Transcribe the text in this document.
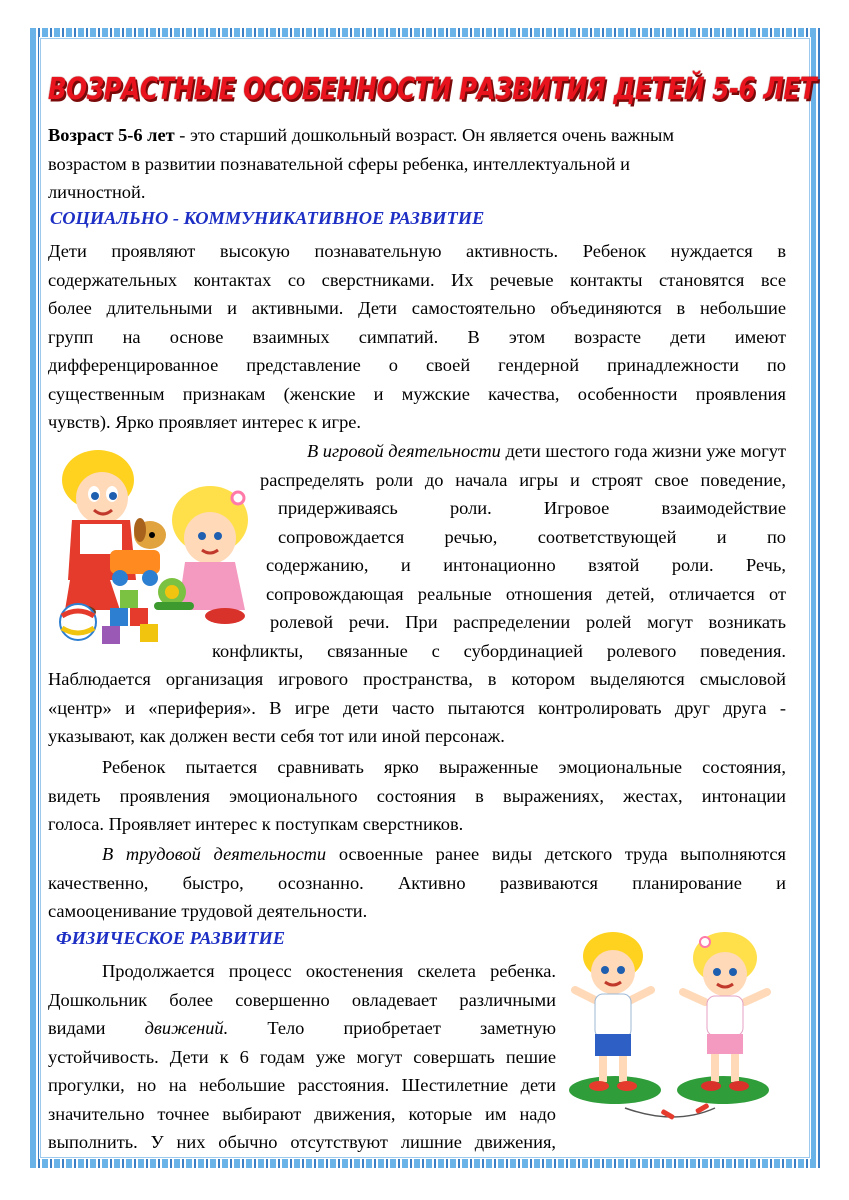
ВОЗРАСТНЫЕ ОСОБЕННОСТИ РАЗВИТИЯ ДЕТЕЙ 5-6 ЛЕТ
Возраст 5-6 лет - это старший дошкольный возраст. Он является очень важным
возрастом в развитии познавательной сферы ребенка, интеллектуальной и
личностной.
СОЦИАЛЬНО - КОММУНИКАТИВНОЕ РАЗВИТИЕ
Дети проявляют высокую познавательную активность. Ребенок нуждается в
содержательных контактах со сверстниками. Их речевые контакты становятся все
более длительными и активными. Дети самостоятельно объединяются в небольшие
групп на основе взаимных симпатий. В этом возрасте дети имеют
дифференцированное представление о своей гендерной принадлежности по
существенным признакам (женские и мужские качества, особенности проявления
чувств). Ярко проявляет интерес к игре.
В игровой деятельности дети шестого года жизни уже могут
распределять роли до начала игры и строят свое поведение,
придерживаясь роли. Игровое взаимодействие
сопровождается речью, соответствующей и по
содержанию, и интонационно взятой роли. Речь,
сопровождающая реальные отношения детей, отличается от
ролевой речи. При распределении ролей могут возникать
конфликты, связанные с субординацией ролевого поведения.
Наблюдается организация игрового пространства, в котором выделяются смысловой
«центр» и «периферия». В игре дети часто пытаются контролировать друг друга -
указывают, как должен вести себя тот или иной персонаж.
Ребенок пытается сравнивать ярко выраженные эмоциональные состояния,
видеть проявления эмоционального состояния в выражениях, жестах, интонации
голоса. Проявляет интерес к поступкам сверстников.
В трудовой деятельности освоенные ранее виды детского труда выполняются
качественно, быстро, осознанно. Активно развиваются планирование и
самооценивание трудовой деятельности.
ФИЗИЧЕСКОЕ РАЗВИТИЕ
Продолжается процесс окостенения скелета ребенка.
Дошкольник более совершенно овладевает различными
видами движений. Тело приобретает заметную
устойчивость. Дети к 6 годам уже могут совершать пешие
прогулки, но на небольшие расстояния. Шестилетние дети
значительно точнее выбирают движения, которые им надо
выполнить. У них обычно отсутствуют лишние движения,
